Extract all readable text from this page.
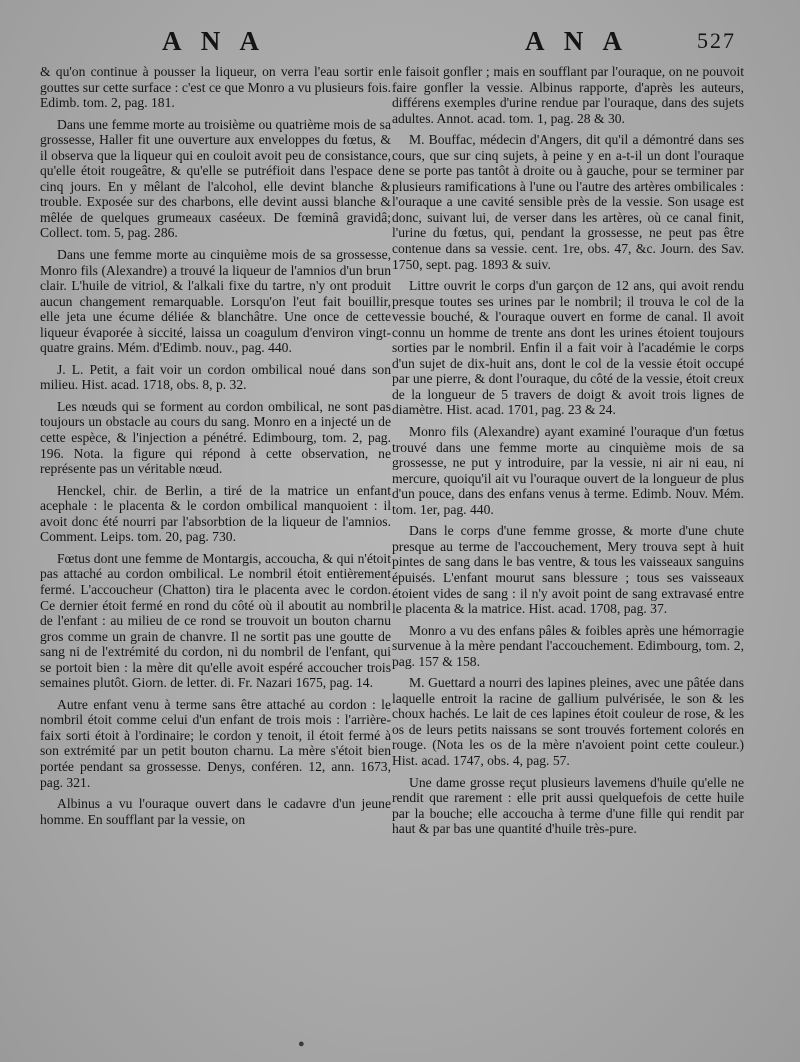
A N A	A N A	527

& qu'on continue à pousser la liqueur, on verra l'eau sortir en gouttes sur cette surface : c'est ce que Monro a vu plusieurs fois. Edimb. tom. 2, pag. 181.

Dans une femme morte au troisième ou quatrième mois de sa grossesse, Haller fit une ouverture aux enveloppes du fœtus, & il observa que la liqueur qui en couloit avoit peu de consistance, qu'elle étoit rougeâtre, & qu'elle se putréfioit dans l'espace de cinq jours. En y mêlant de l'alcohol, elle devint blanche & trouble. Exposée sur des charbons, elle devint aussi blanche & mêlée de quelques grumeaux caséeux. De fœminâ gravidâ; Collect. tom. 5, pag. 286.

Dans une femme morte au cinquième mois de sa grossesse, Monro fils (Alexandre) a trouvé la liqueur de l'amnios d'un brun clair. L'huile de vitriol, & l'alkali fixe du tartre, n'y ont produit aucun changement remarquable. Lorsqu'on l'eut fait bouillir, elle jeta une écume déliée & blanchâtre. Une once de cette liqueur évaporée à siccité, laissa un coagulum d'environ vingt-quatre grains. Mém. d'Edimb. nouv., pag. 440.

J. L. Petit, a fait voir un cordon ombilical noué dans son milieu. Hist. acad. 1718, obs. 8, p. 32.

Les nœuds qui se forment au cordon ombilical, ne sont pas toujours un obstacle au cours du sang. Monro en a injecté un de cette espèce, & l'injection a pénétré. Edimbourg, tom. 2, pag. 196. Nota. la figure qui répond à cette observation, ne représente pas un véritable nœud.

Henckel, chir. de Berlin, a tiré de la matrice un enfant acephale : le placenta & le cordon ombilical manquoient : il avoit donc été nourri par l'absorbtion de la liqueur de l'amnios. Comment. Leips. tom. 20, pag. 730.

Fœtus dont une femme de Montargis, accoucha, & qui n'étoit pas attaché au cordon ombilical. Le nombril étoit entièrement fermé. L'accoucheur (Chatton) tira le placenta avec le cordon. Ce dernier étoit fermé en rond du côté où il aboutit au nombril de l'enfant : au milieu de ce rond se trouvoit un bouton charnu gros comme un grain de chanvre. Il ne sortit pas une goutte de sang ni de l'extrémité du cordon, ni du nombril de l'enfant, qui se portoit bien : la mère dit qu'elle avoit espéré accoucher trois semaines plutôt. Giorn. de letter. di. Fr. Nazari 1675, pag. 14.

Autre enfant venu à terme sans être attaché au cordon : le nombril étoit comme celui d'un enfant de trois mois : l'arrière-faix sorti étoit à l'ordinaire; le cordon y tenoit, il étoit fermé à son extrémité par un petit bouton charnu. La mère s'étoit bien portée pendant sa grossesse. Denys, conféren. 12, ann. 1673, pag. 321.

Albinus a vu l'ouraque ouvert dans le cadavre d'un jeune homme. En soufflant par la vessie, on

le faisoit gonfler ; mais en soufflant par l'ouraque, on ne pouvoit faire gonfler la vessie. Albinus rapporte, d'après les auteurs, différens exemples d'urine rendue par l'ouraque, dans des sujets adultes. Annot. acad. tom. 1, pag. 28 & 30.

M. Bouffac, médecin d'Angers, dit qu'il a démontré dans ses cours, que sur cinq sujets, à peine y en a-t-il un dont l'ouraque ne se porte pas tantôt à droite ou à gauche, pour se terminer par plusieurs ramifications à l'une ou l'autre des artères ombilicales : l'ouraque a une cavité sensible près de la vessie. Son usage est donc, suivant lui, de verser dans les artères, où ce canal finit, l'urine du fœtus, qui, pendant la grossesse, ne peut pas être contenue dans sa vessie. cent. 1re, obs. 47, &c. Journ. des Sav. 1750, sept. pag. 1893 & suiv.

Littre ouvrit le corps d'un garçon de 12 ans, qui avoit rendu presque toutes ses urines par le nombril; il trouva le col de la vessie bouché, & l'ouraque ouvert en forme de canal. Il avoit connu un homme de trente ans dont les urines étoient toujours sorties par le nombril. Enfin il a fait voir à l'académie le corps d'un sujet de dix-huit ans, dont le col de la vessie étoit occupé par une pierre, & dont l'ouraque, du côté de la vessie, étoit creux de la longueur de 5 travers de doigt & avoit trois lignes de diamètre. Hist. acad. 1701, pag. 23 & 24.

Monro fils (Alexandre) ayant examiné l'ouraque d'un fœtus trouvé dans une femme morte au cinquième mois de sa grossesse, ne put y introduire, par la vessie, ni air ni eau, ni mercure, quoiqu'il ait vu l'ouraque ouvert de la longueur de plus d'un pouce, dans des enfans venus à terme. Edimb. Nouv. Mém. tom. 1er, pag. 440.

Dans le corps d'une femme grosse, & morte d'une chute presque au terme de l'accouchement, Mery trouva sept à huit pintes de sang dans le bas ventre, & tous les vaisseaux sanguins épuisés. L'enfant mourut sans blessure ; tous ses vaisseaux étoient vides de sang : il n'y avoit point de sang extravasé entre le placenta & la matrice. Hist. acad. 1708, pag. 37.

Monro a vu des enfans pâles & foibles après une hémorragie survenue à la mère pendant l'accouchement. Edimbourg, tom. 2, pag. 157 & 158.

M. Guettard a nourri des lapines pleines, avec une pâtée dans laquelle entroit la racine de gallium pulvérisée, le son & les choux hachés. Le lait de ces lapines étoit couleur de rose, & les os de leurs petits naissans se sont trouvés fortement colorés en rouge. (Nota les os de la mère n'avoient point cette couleur.) Hist. acad. 1747, obs. 4, pag. 57.

Une dame grosse reçut plusieurs lavemens d'huile qu'elle ne rendit que rarement : elle prit aussi quelquefois de cette huile par la bouche; elle accoucha à terme d'une fille qui rendit par haut & par bas une quantité d'huile très-pure.

●
